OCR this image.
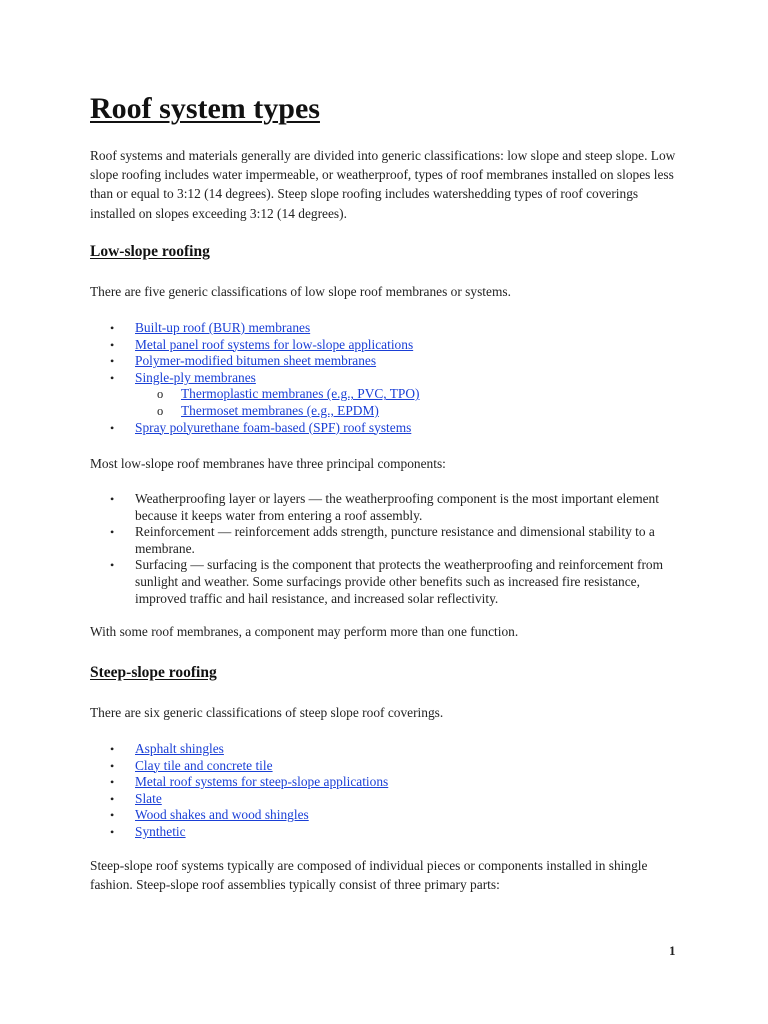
Roof system types

Roof systems and materials generally are divided into generic classifications: low slope and steep slope. Low slope roofing includes water impermeable, or weatherproof, types of roof membranes installed on slopes less than or equal to 3:12 (14 degrees). Steep slope roofing includes watershedding types of roof coverings installed on slopes exceeding 3:12 (14 degrees).

Low-slope roofing

There are five generic classifications of low slope roof membranes or systems.

• Built-up roof (BUR) membranes
• Metal panel roof systems for low-slope applications
• Polymer-modified bitumen sheet membranes
• Single-ply membranes
o Thermoplastic membranes (e.g., PVC, TPO)
o Thermoset membranes (e.g., EPDM)
• Spray polyurethane foam-based (SPF) roof systems

Most low-slope roof membranes have three principal components:

• Weatherproofing layer or layers — the weatherproofing component is the most important element because it keeps water from entering a roof assembly.
• Reinforcement — reinforcement adds strength, puncture resistance and dimensional stability to a membrane.
• Surfacing — surfacing is the component that protects the weatherproofing and reinforcement from sunlight and weather. Some surfacings provide other benefits such as increased fire resistance, improved traffic and hail resistance, and increased solar reflectivity.

With some roof membranes, a component may perform more than one function.

Steep-slope roofing

There are six generic classifications of steep slope roof coverings.

• Asphalt shingles
• Clay tile and concrete tile
• Metal roof systems for steep-slope applications
• Slate
• Wood shakes and wood shingles
• Synthetic

Steep-slope roof systems typically are composed of individual pieces or components installed in shingle fashion. Steep-slope roof assemblies typically consist of three primary parts:

1
